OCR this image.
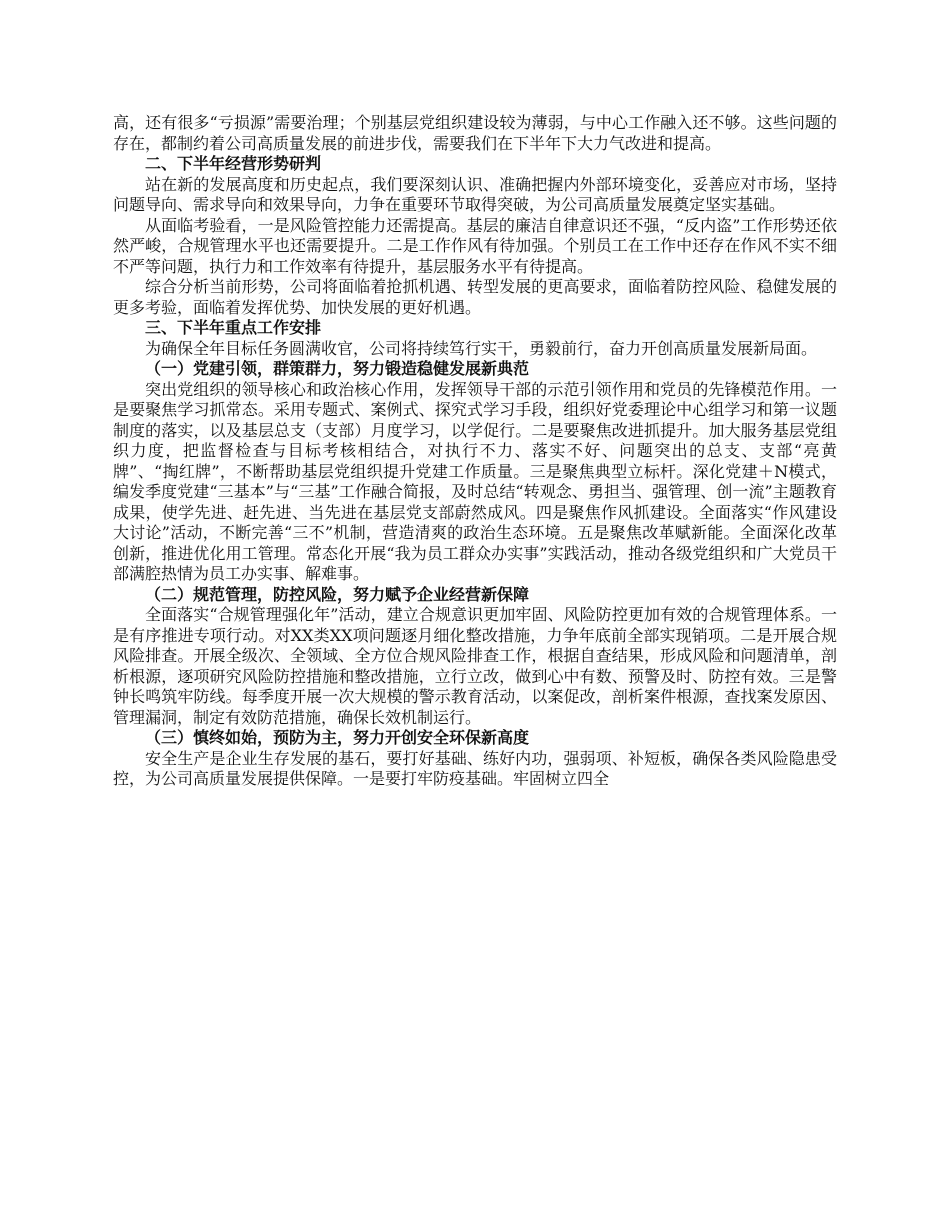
高，还有很多“亏损源”需要治理；个别基层党组织建设较为薄弱，与中心工作融入还不够。这些问题的存在，都制约着公司高质量发展的前进步伐，需要我们在下半年下大力气改进和提高。

二、下半年经营形势研判

站在新的发展高度和历史起点，我们要深刻认识、准确把握内外部环境变化，妥善应对市场，坚持问题导向、需求导向和效果导向，力争在重要环节取得突破，为公司高质量发展奠定坚实基础。

从面临考验看，一是风险管控能力还需提高。基层的廉洁自律意识还不强，“反内盗”工作形势还依然严峻，合规管理水平也还需要提升。二是工作作风有待加强。个别员工在工作中还存在作风不实不细不严等问题，执行力和工作效率有待提升，基层服务水平有待提高。

综合分析当前形势，公司将面临着抢抓机遇、转型发展的更高要求，面临着防控风险、稳健发展的更多考验，面临着发挥优势、加快发展的更好机遇。

三、下半年重点工作安排

为确保全年目标任务圆满收官，公司将持续笃行实干，勇毅前行，奋力开创高质量发展新局面。

（一）党建引领，群策群力，努力锻造稳健发展新典范

突出党组织的领导核心和政治核心作用，发挥领导干部的示范引领作用和党员的先锋模范作用。一是要聚焦学习抓常态。采用专题式、案例式、探究式学习手段，组织好党委理论中心组学习和第一议题制度的落实，以及基层总支（支部）月度学习，以学促行。二是要聚焦改进抓提升。加大服务基层党组织力度，把监督检查与目标考核相结合，对执行不力、落实不好、问题突出的总支、支部“亮黄牌”、“掏红牌”，不断帮助基层党组织提升党建工作质量。三是聚焦典型立标杆。深化党建＋N模式，编发季度党建“三基本”与“三基”工作融合简报，及时总结“转观念、勇担当、强管理、创一流”主题教育成果，使学先进、赶先进、当先进在基层党支部蔚然成风。四是聚焦作风抓建设。全面落实“作风建设大讨论”活动，不断完善“三不”机制，营造清爽的政治生态环境。五是聚焦改革赋新能。全面深化改革创新，推进优化用工管理。常态化开展“我为员工群众办实事”实践活动，推动各级党组织和广大党员干部满腔热情为员工办实事、解难事。

（二）规范管理，防控风险，努力赋予企业经营新保障

全面落实“合规管理强化年”活动，建立合规意识更加牢固、风险防控更加有效的合规管理体系。一是有序推进专项行动。对XX类XX项问题逐月细化整改措施，力争年底前全部实现销项。二是开展合规风险排查。开展全级次、全领域、全方位合规风险排查工作，根据自查结果，形成风险和问题清单，剖析根源，逐项研究风险防控措施和整改措施，立行立改，做到心中有数、预警及时、防控有效。三是警钟长鸣筑牢防线。每季度开展一次大规模的警示教育活动，以案促改，剖析案件根源，查找案发原因、管理漏洞，制定有效防范措施，确保长效机制运行。

（三）慎终如始，预防为主，努力开创安全环保新高度

安全生产是企业生存发展的基石，要打好基础、练好内功，强弱项、补短板，确保各类风险隐患受控，为公司高质量发展提供保障。一是要打牢防疫基础。牢固树立四全
